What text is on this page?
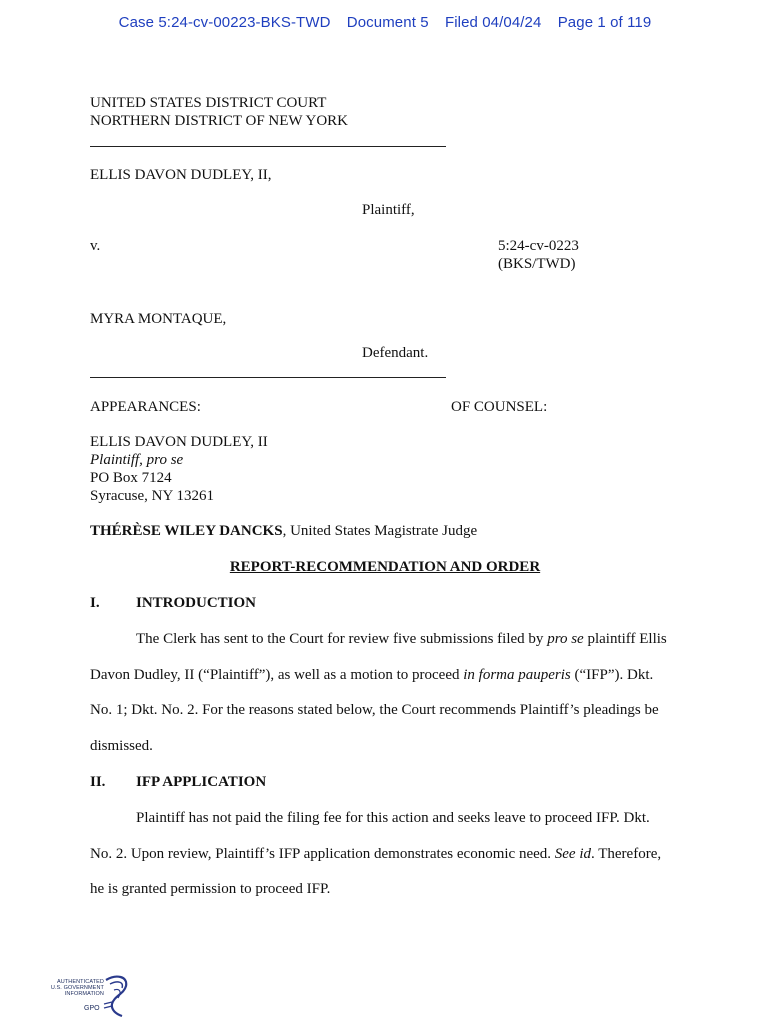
Case 5:24-cv-00223-BKS-TWD Document 5 Filed 04/04/24 Page 1 of 119
UNITED STATES DISTRICT COURT
NORTHERN DISTRICT OF NEW YORK
ELLIS DAVON DUDLEY, II,
Plaintiff,
v.	5:24-cv-0223
(BKS/TWD)
MYRA MONTAQUE,
Defendant.
APPEARANCES:	OF COUNSEL:
ELLIS DAVON DUDLEY, II
Plaintiff, pro se
PO Box 7124
Syracuse, NY 13261
THÉRÈSE WILEY DANCKS, United States Magistrate Judge
REPORT-RECOMMENDATION AND ORDER
I. INTRODUCTION
The Clerk has sent to the Court for review five submissions filed by pro se plaintiff Ellis
Davon Dudley, II (“Plaintiff”), as well as a motion to proceed in forma pauperis (“IFP”). Dkt.
No. 1; Dkt. No. 2. For the reasons stated below, the Court recommends Plaintiff’s pleadings be
dismissed.
II. IFP APPLICATION
Plaintiff has not paid the filing fee for this action and seeks leave to proceed IFP. Dkt.
No. 2. Upon review, Plaintiff’s IFP application demonstrates economic need. See id. Therefore,
he is granted permission to proceed IFP.
AUTHENTICATED
U.S. GOVERNMENT
INFORMATION
GPO
